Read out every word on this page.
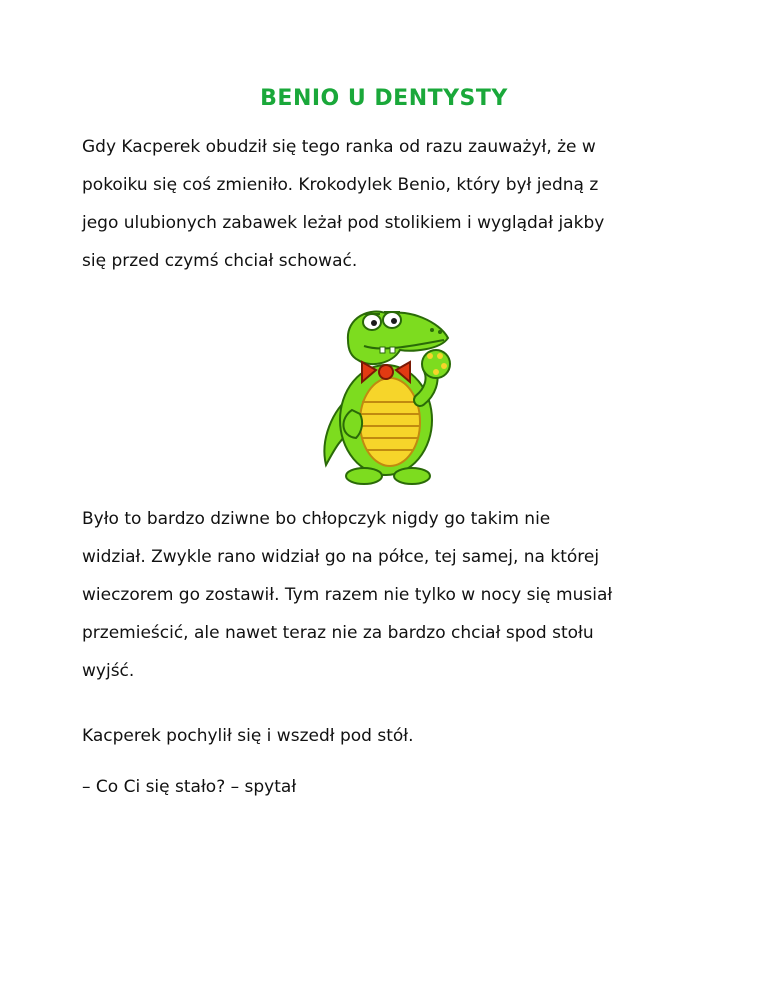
BENIO U DENTYSTY
Gdy Kacperek obudził się tego ranka od razu zauważył, że w
pokoiku się coś zmieniło. Krokodylek Benio, który był jedną z
jego ulubionych zabawek leżał pod stolikiem i wyglądał jakby
się przed czymś chciał schować.
Było to bardzo dziwne bo chłopczyk nigdy go takim nie
widział. Zwykle rano widział go na półce, tej samej, na której
wieczorem go zostawił. Tym razem nie tylko w nocy się musiał
przemieścić, ale nawet teraz nie za bardzo chciał spod stołu
wyjść.
Kacperek pochylił się i wszedł pod stół.
– Co Ci się stało? – spytał
